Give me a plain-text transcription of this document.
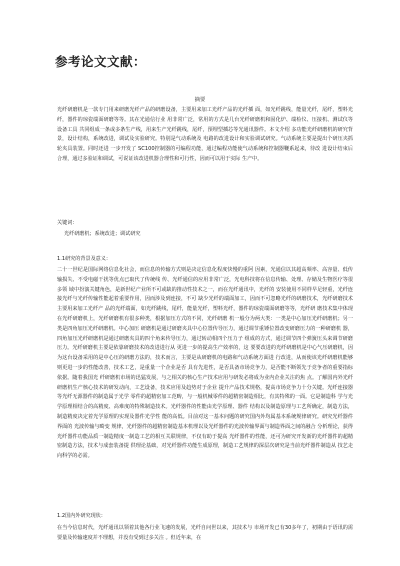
参考论文文献：
摘要

光纤研磨机是一款专门用来研磨光纤产品的研磨设备，主要用来加工光纤产品的光纤插 面，如光纤跳线，能量光纤，尾纤，塑料光纤，器件的琼瓷端面研磨等等。其在光通信行业 用非常广泛，常用的方式是几台光纤研磨机和固化炉、端检仪、压接机、测试仪等设备工具 共同组成一条或多条生产线，用来生产光纤跳线，尾纤，预埋型插芯等光通讯器件。本文介绍 多功能光纤研磨机的研究背景，设计结构，系统改进，调试及实验研究。特别是气动系统及 电路的改进设计和实验调试研究。气动系统主要是提出个研压夹抓轮夹具装置。同时还进 一步开发了 SC100控制器的可编程功能，通过编程功能使气动系统和控制器鞭系起来，待改 进设计结束后合理，通过多验证和调试，可说证该改进机器合理性和可行性，因而可以用于实际 生产中。

关键词：
光纤研磨机；系统改进；调试研究
1.1研究的背景及意义：

二十一世纪是国际网络信息化社会，而信息的传输方式则是决定信息化程度快慢的重阿 因素，光通信以其超高频率、高容量、低传输损失、不受电磁干扰等优点已取代了传统线 传、光纤通信的应用非常广泛，光电科技将在信息传输、处理、存储及生物医疗等很多领 域中扮演关键角色，是新世纪产业所不可或缺的推动性技术之一，而在光纤通讯中，光纤的 安装使用不同样早足轻重，光纤连接光纤与光纤传输性能起着重要作用，因而涉及到连接，不可 缺少光纤的端面加工，因而不可忽略光纤的研磨技术，光纤研磨技术主要用来加工光纤产 品的光纤端面，如光纤跳线，尾纤，能量光纤，塑料光纤，器件的琼瓷端面研磨等等，光纤研 磨技术集中体现在光纤研磨机上，光纤研磨机有很多种类，根据加压方式的不同，光纤研磨 机一般分为两大类：一类是中心加压光纤研磨机；另一类是四角加压光纤研磨机。中心加压 研磨机是通过研磨夹具中心位置传导压力，通过调节重锤位置改变研磨压力的一种研磨机 器，四角加压光纤研磨机是通过研磨夹具的四个角来传导压力，通过转动相四个压力子 组成的方式，通过调节四个弹簧压头来调节研磨压力。光纤研磨机主要是依靠研磨技术的改进进行从 更进一步的提高生产效率的，这 要要改进的光纤研磨机是中心气压研磨机，因为这台设备采用的是中心压的研磨方法的，技术而言，主要是从研磨机的电路和气动系统方面进 行改进，从而使该光纤研磨机能够则更进一步的性能改善，技术工艺，是重量一个企业是否 具有先进性，是否具备市场竞争力，是否能不断领先于竞争者的重要指标依据。随着我国光 纤研磨机市场的迅猛发展，与之相关的核心生产技术应用与研发必将成为业内企业关注的焦 点。了解国内外光纤研磨机生产核心技术的研发动向，工艺设备，技术应用及趋势对于企业 提升产品技术规格，提高市场竞争力十分关键。光纤连接器等光纤无源器件的制造属于光学 零件的超精密加工范畴，与一般机械零件的超精密制造相比，有其特殊的一面。它是制造科 学与光学原理相结合的高精度、高难度的特殊制造技术。光纤器件的性能由光学原理、器件 结构以及制造原理与工艺所确定，制造方法，制造精度决定着光学原理的实现及器件光学性 能的高低。目前对这一基本问题的研究国内外均属基本系统规律研究。研究光纤器件界面的 光波传输与畸变 规律，光纤器件的超精密制造基本机理以及光纤器件的光波传输界面与制造界面之间的融合 分析理论，获得光纤器件功能品质一制造精度一制造工艺的相互关联规律，不仅有助于提高 光纤器件的性能，还可为研究开发新的光纤器件的超精密制造方法，技术与成套装备提 供理论基础，对光纤器件功能生成原理，制造工艺规律的深层次研究是当前光纤器件制造从 技艺走向科学的必需。

1.2国内外研究现状：

在当今信息时代，光纤通讯以领着其他各行业飞速的发展，光纤自问世以来，其技术与 市场开发已有30多年了，初期由于语讯的需要量及传输速度并不理想，并没有受到过多关注 。但近年来，在
